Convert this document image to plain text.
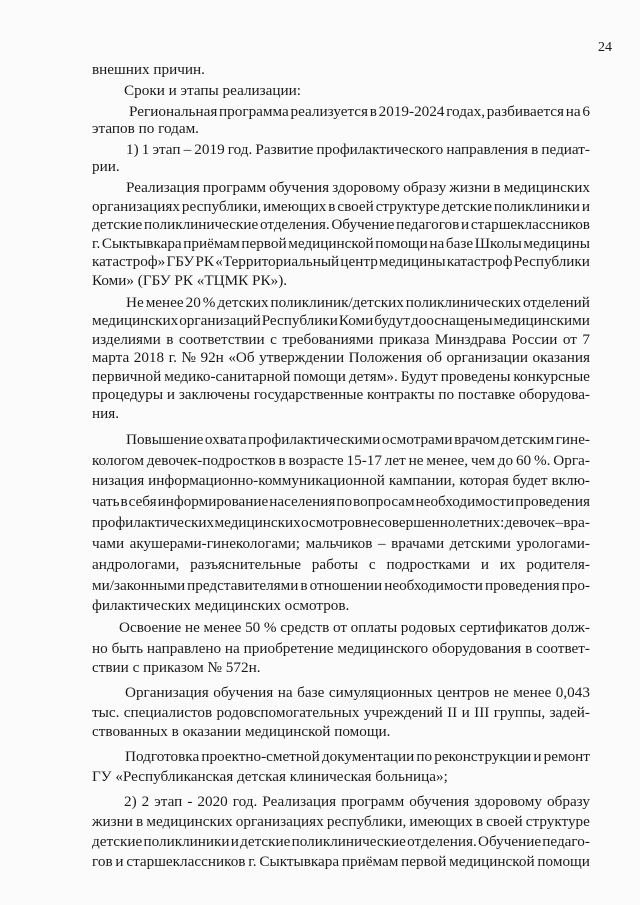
24
внешних причин.
Сроки и этапы реализации:
Региональная программа реализуется в 2019-2024 годах, разбивается на 6
этапов по годам.
1) 1 этап – 2019 год. Развитие профилактического направления в педиат-
рии.
Реализация программ обучения здоровому образу жизни в медицинских
организациях республики, имеющих в своей структуре детские поликлиники и
детские поликлинические отделения. Обучение педагогов и старшеклассников
г. Сыктывкара приёмам первой медицинской помощи на базе Школы медицины
катастроф» ГБУ РК «Территориальный центр медицины катастроф Республики
Коми» (ГБУ РК «ТЦМК РК»).
Не менее 20 % детских поликлиник/детских поликлинических отделений
медицинских организаций Республики Коми будут дооснащены медицинскими
изделиями в соответствии с требованиями приказа Минздрава России от 7
марта 2018 г. № 92н «Об утверждении Положения об организации оказания
первичной медико-санитарной помощи детям». Будут проведены конкурсные
процедуры и заключены государственные контракты по поставке оборудова-
ния.
Повышение охвата профилактическими осмотрами врачом детским гине-
кологом девочек-подростков в возрасте 15-17 лет не менее, чем до 60 %. Орга-
низация информационно-коммуникационной кампании, которая будет вклю-
чать в себя информирование населения по вопросам необходимости проведения
профилактических медицинских осмотров несовершеннолетних: девочек – вра-
чами акушерами-гинекологами; мальчиков – врачами детскими урологами-
андрологами, разъяснительные работы с подростками и их родителя-
ми/законными представителями в отношении необходимости проведения про-
филактических медицинских осмотров.
Освоение не менее 50 % средств от оплаты родовых сертификатов долж-
но быть направлено на приобретение медицинского оборудования в соответ-
ствии с приказом № 572н.
Организация обучения на базе симуляционных центров не менее 0,043
тыс. специалистов родовспомогательных учреждений II и III группы, задей-
ствованных в оказании медицинской помощи.
Подготовка проектно-сметной документации по реконструкции и ремонт
ГУ «Республиканская детская клиническая больница»;
2) 2 этап - 2020 год. Реализация программ обучения здоровому образу
жизни в медицинских организациях республики, имеющих в своей структуре
детские поликлиники и детские поликлинические отделения. Обучение педаго-
гов и старшеклассников г. Сыктывкара приёмам первой медицинской помощи
